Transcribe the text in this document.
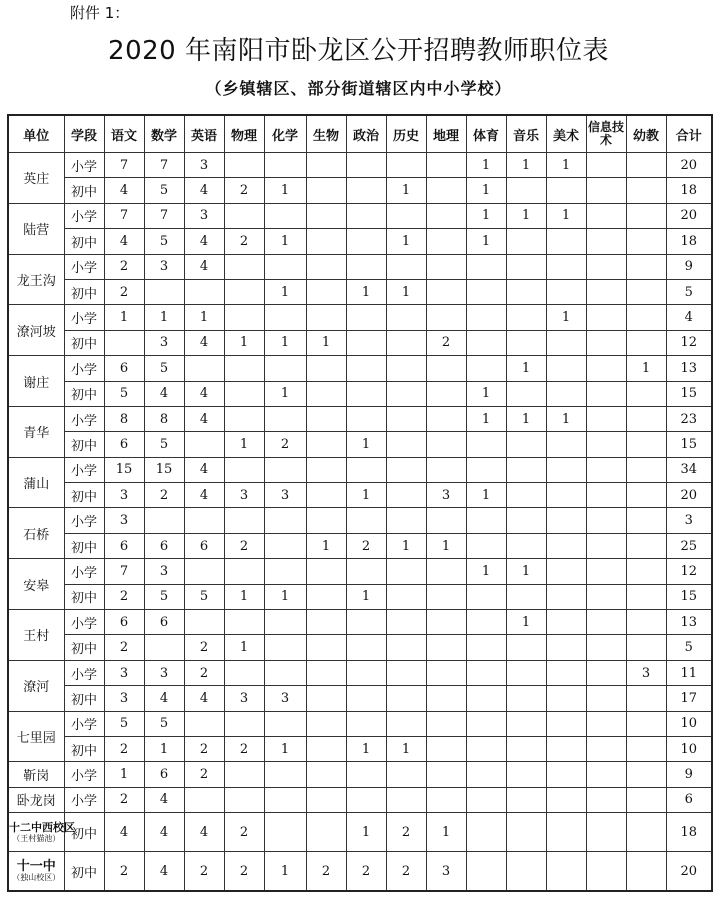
附件 1：
2020 年南阳市卧龙区公开招聘教师职位表
（乡镇辖区、部分街道辖区内中小学校）
单位	学段	语文	数学	英语	物理	化学	生物	政治	历史	地理	体育	音乐	美术	信息技术	幼教	合计
英庄	小学	7	7	3							1	1	1			20
	初中	4	5	4	2	1			1		1					18
陆营	小学	7	7	3							1	1	1			20
	初中	4	5	4	2	1			1		1					18
龙王沟	小学	2	3	4												9
	初中	2				1		1	1							5
潦河坡	小学	1	1	1									1			4
	初中		3	4	1	1	1			2						12
谢庄	小学	6	5									1			1	13
	初中	5	4	4		1					1					15
青华	小学	8	8	4							1	1	1			23
	初中	6	5		1	2		1								15
蒲山	小学	15	15	4												34
	初中	3	2	4	3	3		1		3	1					20
石桥	小学	3														3
	初中	6	6	6	2		1	2	1	1						25
安皋	小学	7	3								1	1				12
	初中	2	5	5	1	1		1								15
王村	小学	6	6									1				13
	初中	2		2	1											5
潦河	小学	3	3	2											3	11
	初中	3	4	4	3	3										17
七里园	小学	5	5													10
	初中	2	1	2	2	1		1	1							10
靳岗	小学	1	6	2												9
卧龙岗	小学	2	4													6

十二中西校区
（王村猫池）	初中	4	4	4	2			1	2	1						18

十一中
（独山校区）	初中	2	4	2	2	1	2	2	2	3						20
